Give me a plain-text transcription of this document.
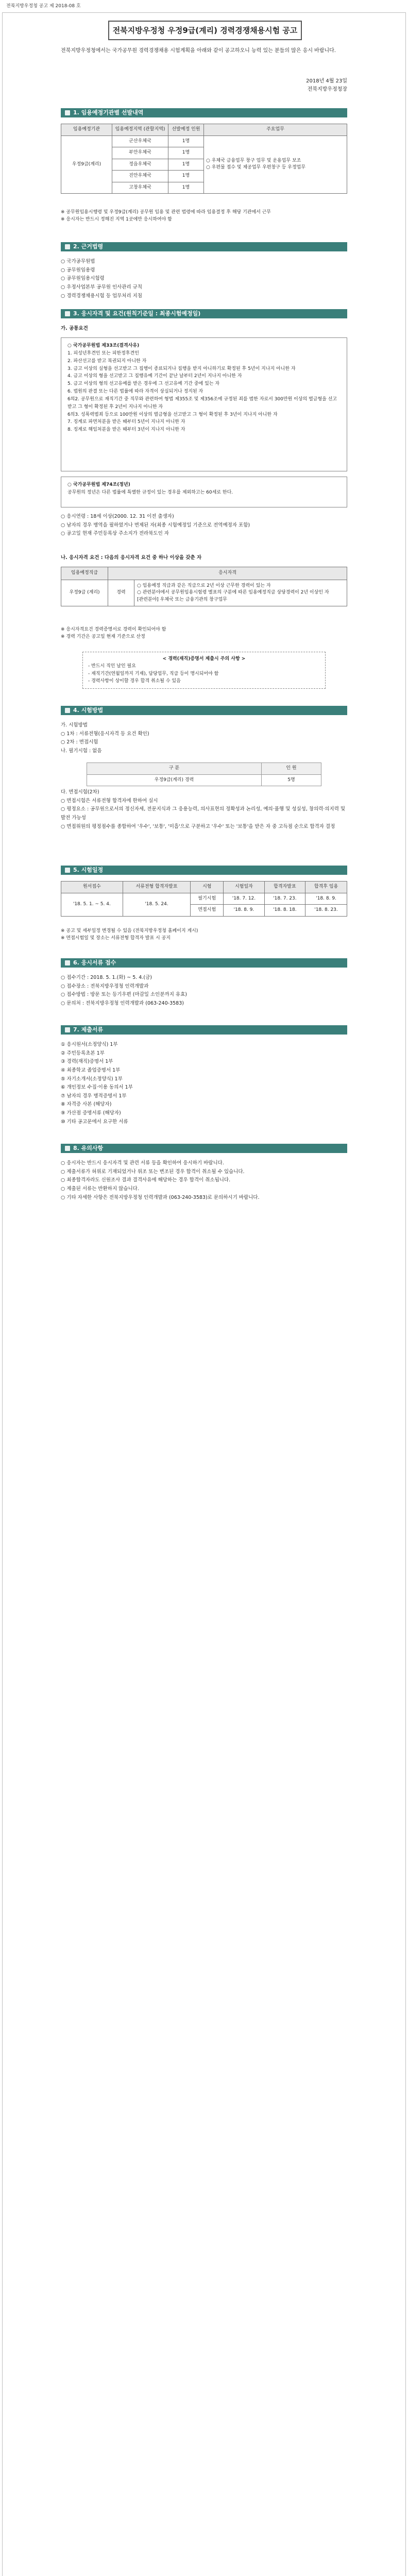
전북지방우정청 공고 제 2018-08 호
전북지방우정청 우정9급(계리) 경력경쟁채용시험 공고
전북지방우정청에서는 국가공무원 경력경쟁채용 시험계획을 아래와 같이 공고하오니 능력 있는 분들의 많은 응시 바랍니다.
2018년 4월 23일
전북지방우정청장
1. 임용예정기관별 선발내역
임용예정기관	임용예정지역 (관할지역)	선발예정 인원	주요업무
우정9급(계리)	군산우체국	1명	○ 우체국 금융업무 창구 업무 및 운용업무 보조
○ 우편물 접수 및 제공업무 우편창구 등 우정업무
	부안우체국	1명	
	정읍우체국	1명	
	진안우체국	1명	
	고창우체국	1명	
※ 공무원임용시행령 및 우정9급(계리) 공무원 임용 및 관련 법령에 따라 임용결정 후 해당 기관에서 근무
※ 응시자는 반드시 정해진 지역 1곳에만 응시하여야 함
2. 근거법령
○ 국가공무원법
○ 공무원임용령
○ 공무원임용시험령
○ 우정사업본부 공무원 인사관리 규칙
○ 경력경쟁채용시험 등 업무처리 지침
3. 응시자격 및 요건(원칙기준일 : 최종시험예정일)
가. 공통요건
○ 국가공무원법 제33조(결격사유)
1. 피성년후견인 또는 피한정후견인
2. 파산선고를 받고 복권되지 아니한 자
3. 금고 이상의 실형을 선고받고 그 집행이 종료되거나 집행을 받지 아니하기로 확정된 후 5년이 지나지 아니한 자
4. 금고 이상의 형을 선고받고 그 집행유예 기간이 끝난 날부터 2년이 지나지 아니한 자
5. 금고 이상의 형의 선고유예를 받은 경우에 그 선고유예 기간 중에 있는 자
6. 법원의 판결 또는 다른 법률에 따라 자격이 상실되거나 정지된 자
6의2. 공무원으로 재직기간 중 직무와 관련하여 형법 제355조 및 제356조에 규정된 죄를 범한 자로서 300만원 이상의 벌금형을 선고받고 그 형이 확정된 후 2년이 지나지 아니한 자
6의3. 성폭력범죄 등으로 100만원 이상의 벌금형을 선고받고 그 형이 확정된 후 3년이 지나지 아니한 자
7. 징계로 파면처분을 받은 때부터 5년이 지나지 아니한 자
8. 징계로 해임처분을 받은 때부터 3년이 지나지 아니한 자
○ 국가공무원법 제74조(정년)
공무원의 정년은 다른 법률에 특별한 규정이 있는 경우를 제외하고는 60세로 한다.
○ 응시연령 : 18세 이상(2000. 12. 31 이전 출생자)
○ 남자의 경우 병역을 필하였거나 면제된 자(최종 시험예정일 기준으로 전역예정자 포함)
○ 공고일 현재 주민등록상 주소지가 전라북도인 자
나. 응시자격 요건 : 다음의 응시자격 요건 중 하나 이상을 갖춘 자
임용예정직급	응시자격	
우정9급 (계리)	경력	○ 임용예정 직급과 같은 직급으로 2년 이상 근무한 경력이 있는 자
○ 관련분야에서 공무원임용시험령 별표의 구분에 따른 임용예정직급 상당경력이 2년 이상인 자
[관련분야] 우체국 또는 금융기관의 창구업무
※ 응시자격요건 경력증명서로 경력이 확인되어야 함
※ 경력 기간은 공고일 현재 기준으로 산정
< 경력(재직)증명서 제출시 주의 사항 >
- 반드시 직인 날인 필요
- 재직기간(연월일까지 기재), 담당업무, 직급 등이 명시되어야 함
- 경력사항이 상이할 경우 합격 취소될 수 있음
4. 시험방법
가. 시험방법
○ 1차 : 서류전형(응시자격 등 요건 확인)
○ 2차 : 면접시험
나. 필기시험 : 없음
구 분	인 원
우정9급(계리) 경력	5명
다. 면접시험(2차)
○ 면접시험은 서류전형 합격자에 한하여 실시
○ 평정요소 : 공무원으로서의 정신자세, 전문지식과 그 응용능력, 의사표현의 정확성과 논리성, 예의·품행 및 성실성, 창의력·의지력 및 발전 가능성
○ 면접위원의 평정점수를 종합하여 '우수', '보통', '미흡'으로 구분하고 '우수' 또는 '보통'을 받은 자 중 고득점 순으로 합격자 결정
5. 시험일정
원서접수	서류전형 합격자발표	시험	시험일자	합격자발표	합격후 임용
'18. 5. 1. ~ 5. 4.	'18. 5. 24.	필기시험	'18. 7. 12.	'18. 7. 23.	'18. 8. 9.
		면접시험	'18. 8. 9.	'18. 8. 18.	'18. 8. 23.
※ 공고 및 세부일정 변경될 수 있음 (전북지방우정청 홈페이지 게시)
※ 면접시험일 및 장소는 서류전형 합격자 발표 시 공지
6. 응시서류 접수
○ 접수기간 : 2018. 5. 1.(화) ~ 5. 4.(금)
○ 접수장소 : 전북지방우정청 인력개발과
○ 접수방법 : 방문 또는 등기우편 (마감일 소인분까지 유효)
○ 문의처 : 전북지방우정청 인력개발과 (063-240-3583)
7. 제출서류
① 응시원서(소정양식) 1부
② 주민등록초본 1부
③ 경력(재직)증명서 1부
④ 최종학교 졸업증명서 1부
⑤ 자기소개서(소정양식) 1부
⑥ 개인정보 수집·이용 동의서 1부
⑦ 남자의 경우 병적증명서 1부
⑧ 자격증 사본 (해당자)
⑨ 가산점 증명서류 (해당자)
⑩ 기타 공고문에서 요구한 서류
8. 유의사항
○ 응시자는 반드시 응시자격 및 관련 서류 등을 확인하여 응시하기 바랍니다.
○ 제출서류가 허위로 기재되었거나 위조 또는 변조된 경우 합격이 취소될 수 있습니다.
○ 최종합격자라도 신원조사 결과 결격사유에 해당하는 경우 합격이 취소됩니다.
○ 제출된 서류는 반환하지 않습니다.
○ 기타 자세한 사항은 전북지방우정청 인력개발과 (063-240-3583)로 문의하시기 바랍니다.
